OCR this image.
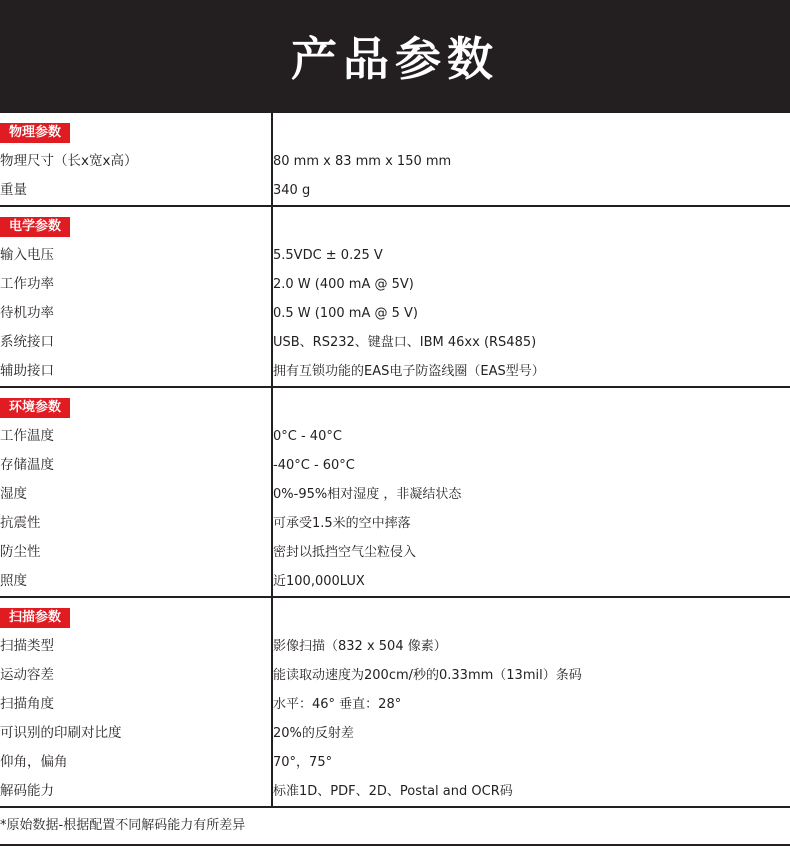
产品参数
物理参数	
物理尺寸（长x宽x高）	80 mm x 83 mm x 150 mm
重量	340 g
电学参数	
输入电压	5.5VDC ± 0.25 V
工作功率	2.0 W (400 mA @ 5V)
待机功率	0.5 W (100 mA @ 5 V)
系统接口	USB、RS232、键盘口、IBM 46xx (RS485)
辅助接口	拥有互锁功能的EAS电子防盗线圈（EAS型号）
环境参数	
工作温度	0°C - 40°C
存储温度	-40°C - 60°C
湿度	0%-95%相对湿度 ，非凝结状态
抗震性	可承受1.5米的空中摔落
防尘性	密封以抵挡空气尘粒侵入
照度	近100,000LUX
扫描参数	
扫描类型	影像扫描（832 x 504 像素）
运动容差	能读取动速度为200cm/秒的0.33mm（13mil）条码
扫描角度	水平：46° 垂直：28°
可识别的印刷对比度	20%的反射差
仰角，偏角	70°，75°
解码能力	标准1D、PDF、2D、Postal and OCR码
*原始数据-根据配置不同解码能力有所差异	
